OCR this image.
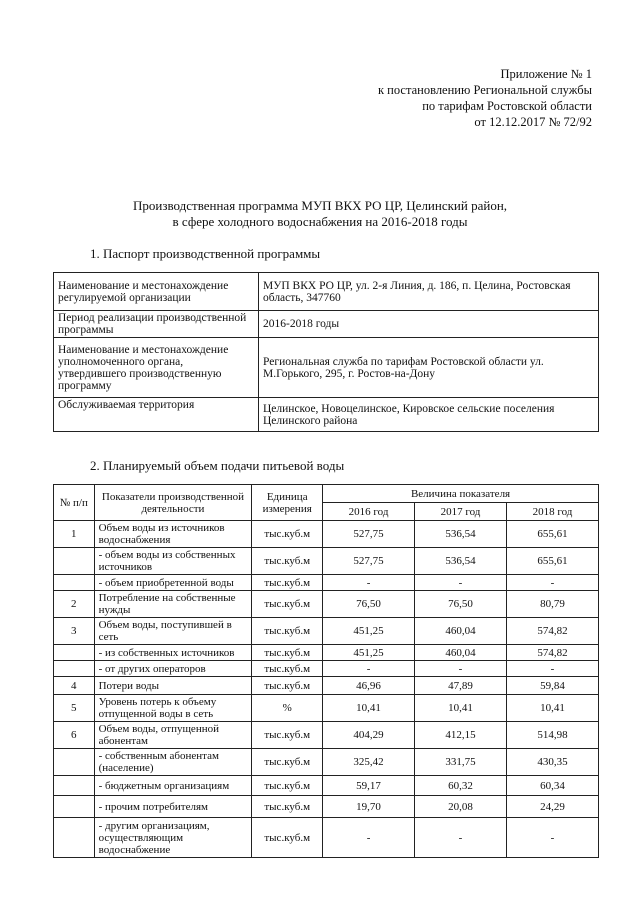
Приложение № 1
к постановлению Региональной службы
по тарифам Ростовской области
от 12.12.2017 № 72/92
Производственная программа МУП ВКХ РО ЦР, Целинский район,
в сфере холодного водоснабжения на 2016-2018 годы
1. Паспорт производственной программы
Наименование и местонахождение регулируемой организации	МУП ВКХ РО ЦР, ул. 2-я Линия, д. 186, п. Целина, Ростовская область, 347760
Период реализации производственной программы	2016-2018 годы
Наименование и местонахождение уполномоченного органа, утвердившего производственную программу	Региональная служба по тарифам Ростовской области ул. М.Горького, 295, г. Ростов-на-Дону
Обслуживаемая территория	Целинское, Новоцелинское, Кировское сельские поселения Целинского района
2. Планируемый объем подачи питьевой воды
№ п/п	Показатели производственной деятельности	Единица измерения	Величина показателя		
			2016 год	2017 год	2018 год
1	Объем воды из источников водоснабжения	тыс.куб.м	527,75	536,54	655,61
	- объем воды из собственных источников	тыс.куб.м	527,75	536,54	655,61
	- объем приобретенной воды	тыс.куб.м	-	-	-
2	Потребление на собственные нужды	тыс.куб.м	76,50	76,50	80,79
3	Объем воды, поступившей в сеть	тыс.куб.м	451,25	460,04	574,82
	- из собственных источников	тыс.куб.м	451,25	460,04	574,82
	- от других операторов	тыс.куб.м	-	-	-
4	Потери воды	тыс.куб.м	46,96	47,89	59,84
5	Уровень потерь к объему отпущенной воды в сеть	%	10,41	10,41	10,41
6	Объем воды, отпущенной абонентам	тыс.куб.м	404,29	412,15	514,98
	- собственным абонентам (население)	тыс.куб.м	325,42	331,75	430,35
	- бюджетным организациям	тыс.куб.м	59,17	60,32	60,34
	- прочим потребителям	тыс.куб.м	19,70	20,08	24,29
	- другим организациям, осуществляющим водоснабжение	тыс.куб.м	-	-	-
